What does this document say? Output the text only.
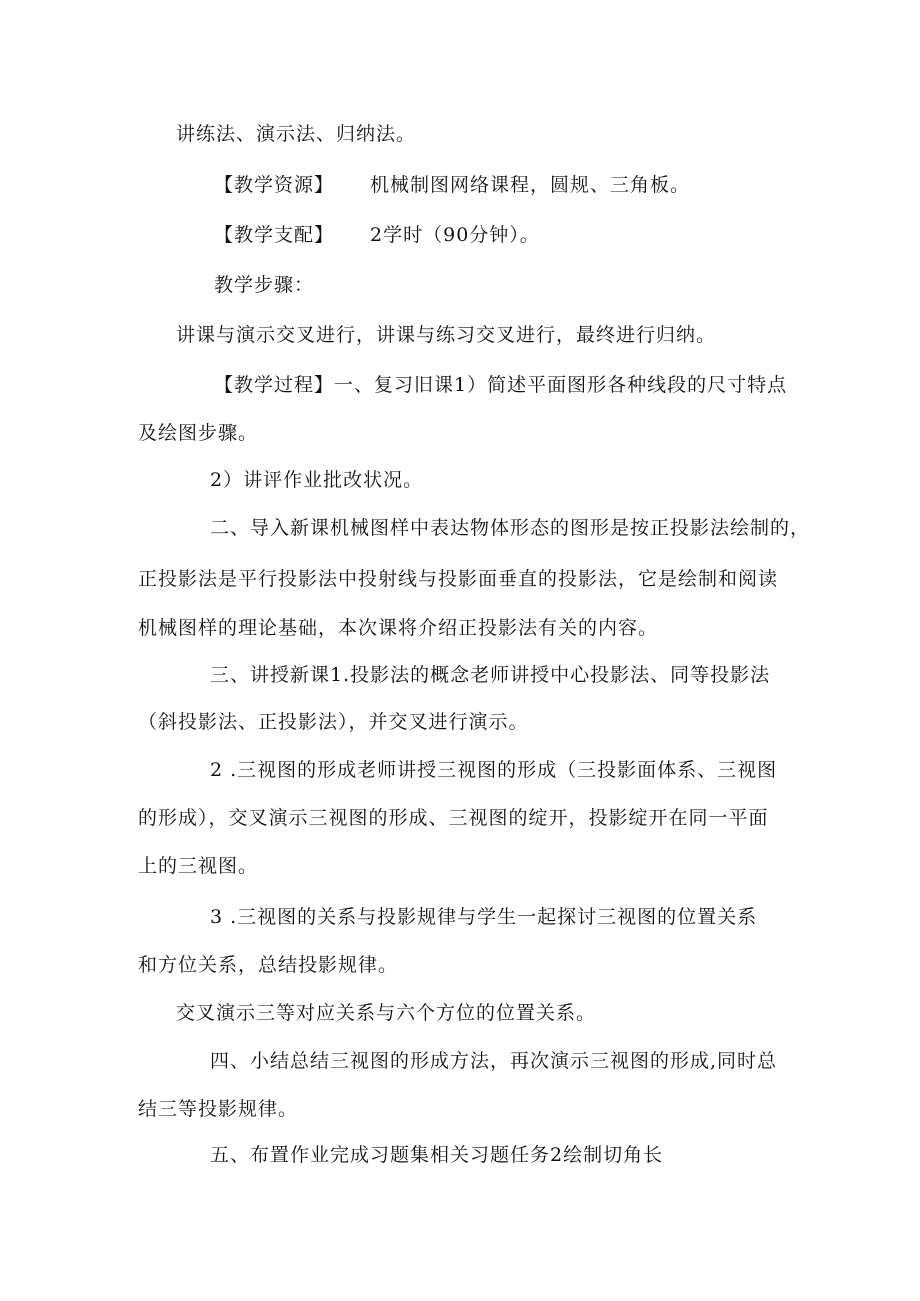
讲练法、演示法、归纳法。
【教学资源】 机械制图网络课程，圆规、三角板。
【教学支配】 2学时（90分钟）。
教学步骤：
讲课与演示交叉进行，讲课与练习交叉进行，最终进行归纳。
【教学过程】一、复习旧课1）简述平面图形各种线段的尺寸特点
及绘图步骤。
2）讲评作业批改状况。
二、导入新课机械图样中表达物体形态的图形是按正投影法绘制的，
正投影法是平行投影法中投射线与投影面垂直的投影法，它是绘制和阅读
机械图样的理论基础，本次课将介绍正投影法有关的内容。
三、讲授新课1.投影法的概念老师讲授中心投影法、同等投影法
（斜投影法、正投影法），并交叉进行演示。
2 .三视图的形成老师讲授三视图的形成（三投影面体系、三视图
的形成），交叉演示三视图的形成、三视图的绽开，投影绽开在同一平面
上的三视图。
3 .三视图的关系与投影规律与学生一起探讨三视图的位置关系
和方位关系，总结投影规律。
交叉演示三等对应关系与六个方位的位置关系。
四、小结总结三视图的形成方法，再次演示三视图的形成,同时总
结三等投影规律。
五、布置作业完成习题集相关习题任务2绘制切角长
